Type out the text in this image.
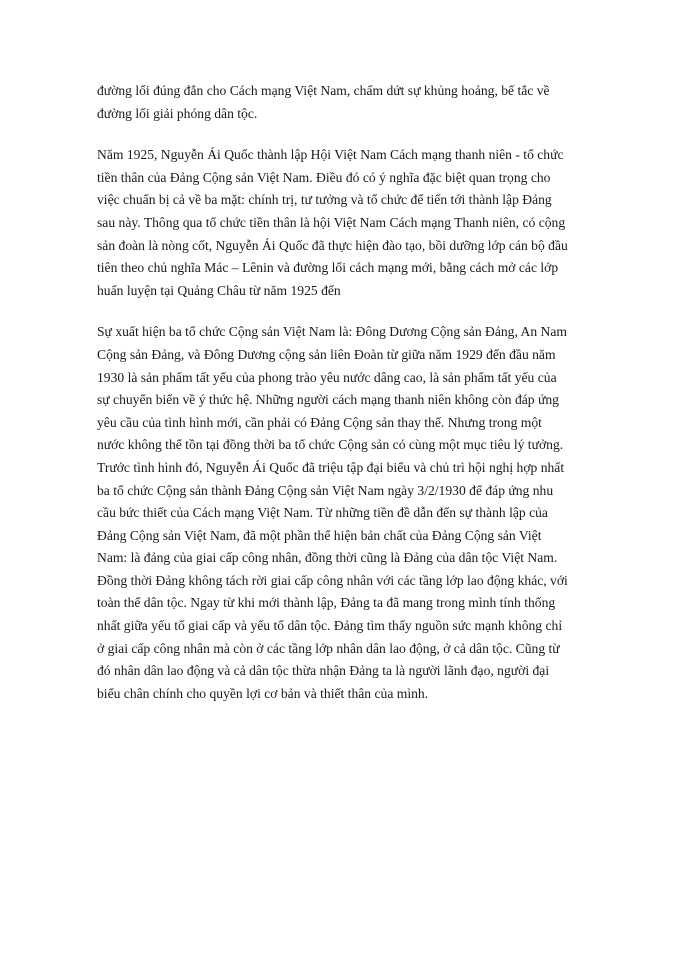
đường lối đúng đắn cho Cách mạng Việt Nam, chấm dứt sự khủng hoảng, bế tắc về
đường lối giải phóng dân tộc.

Năm 1925, Nguyễn Ái Quốc thành lập Hội Việt Nam Cách mạng thanh niên - tổ chức
tiền thân của Đảng Cộng sản Việt Nam. Điều đó có ý nghĩa đặc biệt quan trọng cho
việc chuẩn bị cả về ba mặt: chính trị, tư tưởng và tổ chức để tiến tới thành lập Đảng
sau này. Thông qua tổ chức tiền thân là hội Việt Nam Cách mạng Thanh niên, có cộng
sản đoàn là nòng cốt, Nguyễn Ái Quốc đã thực hiện đào tạo, bồi dưỡng lớp cán bộ đầu
tiên theo chủ nghĩa Mác – Lênin và đường lối cách mạng mới, bằng cách mở các lớp
huấn luyện tại Quảng Châu từ năm 1925 đến

Sự xuất hiện ba tổ chức Cộng sản Việt Nam là: Đông Dương Cộng sản Đảng, An Nam
Cộng sản Đảng, và Đông Dương cộng sản liên Đoàn từ giữa năm 1929 đến đầu năm
1930 là sản phẩm tất yếu của phong trào yêu nước dâng cao, là sản phẩm tất yếu của
sự chuyển biến về ý thức hệ. Những người cách mạng thanh niên không còn đáp ứng
yêu cầu của tình hình mới, cần phải có Đảng Cộng sản thay thế. Nhưng trong một
nước không thể tồn tại đồng thời ba tổ chức Cộng sản có cùng một mục tiêu lý tưởng.
Trước tình hình đó, Nguyễn Ái Quốc đã triệu tập đại biểu và chủ trì hội nghị hợp nhất
ba tổ chức Cộng sản thành Đảng Cộng sản Việt Nam ngày 3/2/1930 để đáp ứng nhu
cầu bức thiết của Cách mạng Việt Nam. Từ những tiền đề dẫn đến sự thành lập của
Đảng Cộng sản Việt Nam, đã một phần thể hiện bản chất của Đảng Cộng sản Việt
Nam: là đảng của giai cấp công nhân, đồng thời cũng là Đảng của dân tộc Việt Nam.
Đồng thời Đảng không tách rời giai cấp công nhân với các tầng lớp lao động khác, với
toàn thể dân tộc. Ngay từ khi mới thành lập, Đảng ta đã mang trong mình tính thống
nhất giữa yếu tố giai cấp và yếu tố dân tộc. Đảng tìm thấy nguồn sức mạnh không chỉ
ở giai cấp công nhân mà còn ở các tầng lớp nhân dân lao động, ở cả dân tộc. Cũng từ
đó nhân dân lao động và cả dân tộc thừa nhận Đảng ta là người lãnh đạo, người đại
biểu chân chính cho quyền lợi cơ bản và thiết thân của mình.
